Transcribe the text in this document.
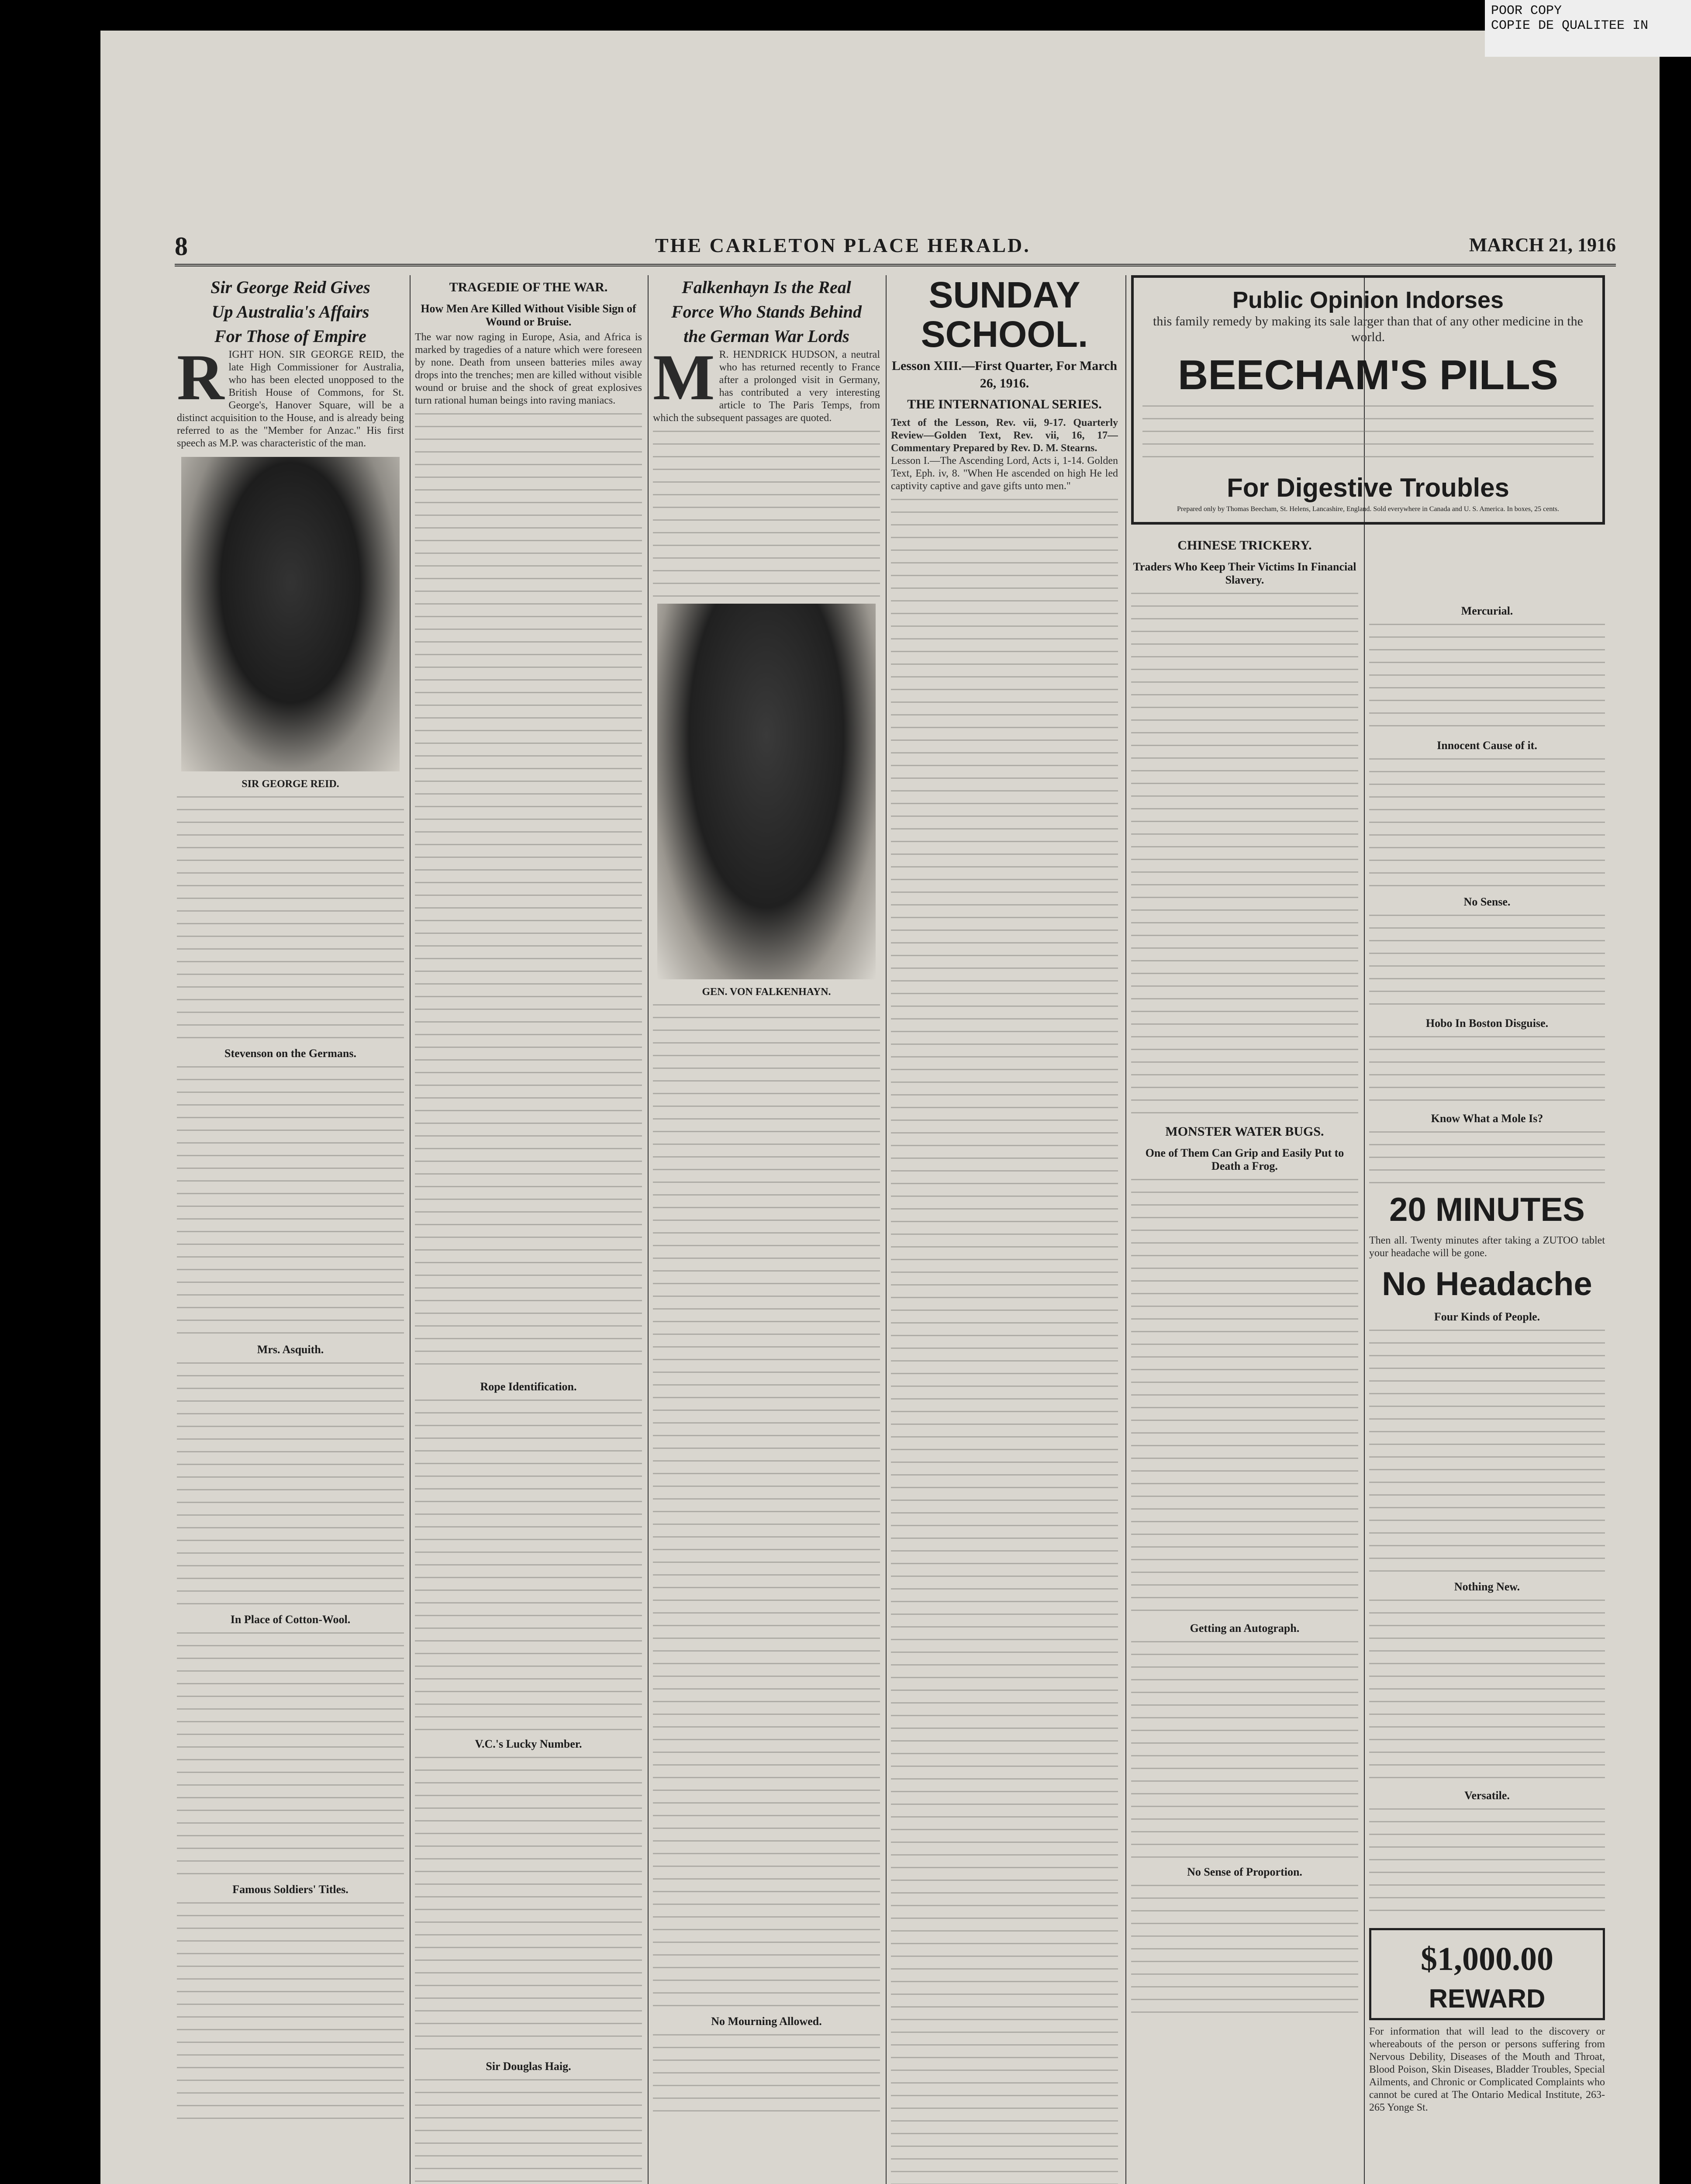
POOR COPY
COPIE DE QUALITEE IN
8	THE CARLETON PLACE HERALD.	MARCH 21, 1916
Sir George Reid Gives
Up Australia's Affairs
For Those of Empire

RIGHT HON. SIR GEORGE REID, the late High Commissioner for Australia, who has been elected unopposed to the British House of Commons, for St. George's, Hanover Square, will be a distinct acquisition to the House, and is already being referred to as the "Member for Anzac." His first speech as M.P. was characteristic of the man.

SIR GEORGE REID.
Stevenson on the Germans.
Mrs. Asquith.
In Place of Cotton-Wool.
Famous Soldiers' Titles.
TRAGEDIE OF THE WAR.
How Men Are Killed Without Visible Sign of Wound or Bruise.

The war now raging in Europe, Asia, and Africa is marked by tragedies of a nature which were foreseen by none. Death from unseen batteries miles away drops into the trenches; men are killed without visible wound or bruise and the shock of great explosives turn rational human beings into raving maniacs.

Rope Identification.
V.C.'s Lucky Number.
Sir Douglas Haig.
Falkenhayn Is the Real
Force Who Stands Behind
the German War Lords

M R. HENDRICK HUDSON, a neutral who has returned recently to France after a prolonged visit in Germany, has contributed a very interesting article to The Paris Temps, from which the subsequent passages are quoted.

GEN. VON FALKENHAYN.
No Mourning Allowed.
SUNDAY SCHOOL.
Lesson XIII.—First Quarter, For March 26, 1916.
THE INTERNATIONAL SERIES.

Text of the Lesson, Rev. vii, 9-17. Quarterly Review—Golden Text, Rev. vii, 16, 17—Commentary Prepared by Rev. D. M. Stearns.

Lesson I.—The Ascending Lord, Acts i, 1-14. Golden Text, Eph. iv, 8. "When He ascended on high He led captivity captive and gave gifts unto men."

Public Opinion Indorses

this family remedy by making its sale larger than that of any other medicine in the world.

BEECHAM'S PILLS
For Digestive Troubles
Prepared only by Thomas Beecham, St. Helens, Lancashire, England. Sold everywhere in Canada and U. S. America. In boxes, 25 cents.
CHINESE TRICKERY.
Traders Who Keep Their Victims In Financial Slavery.
MONSTER WATER BUGS.
One of Them Can Grip and Easily Put to Death a Frog.
Getting an Autograph.
No Sense of Proportion.
Mercurial.
Innocent Cause of it.
No Sense.
Hobo In Boston Disguise.
Know What a Mole Is?
20 MINUTES

Then all. Twenty minutes after taking a ZUTOO tablet your headache will be gone.

No Headache
Four Kinds of People.
Nothing New.
Versatile.
$1,000.00
REWARD

For information that will lead to the discovery or whereabouts of the person or persons suffering from Nervous Debility, Diseases of the Mouth and Throat, Blood Poison, Skin Diseases, Bladder Troubles, Special Ailments, and Chronic or Complicated Complaints who cannot be cured at The Ontario Medical Institute, 263-265 Yonge St.
